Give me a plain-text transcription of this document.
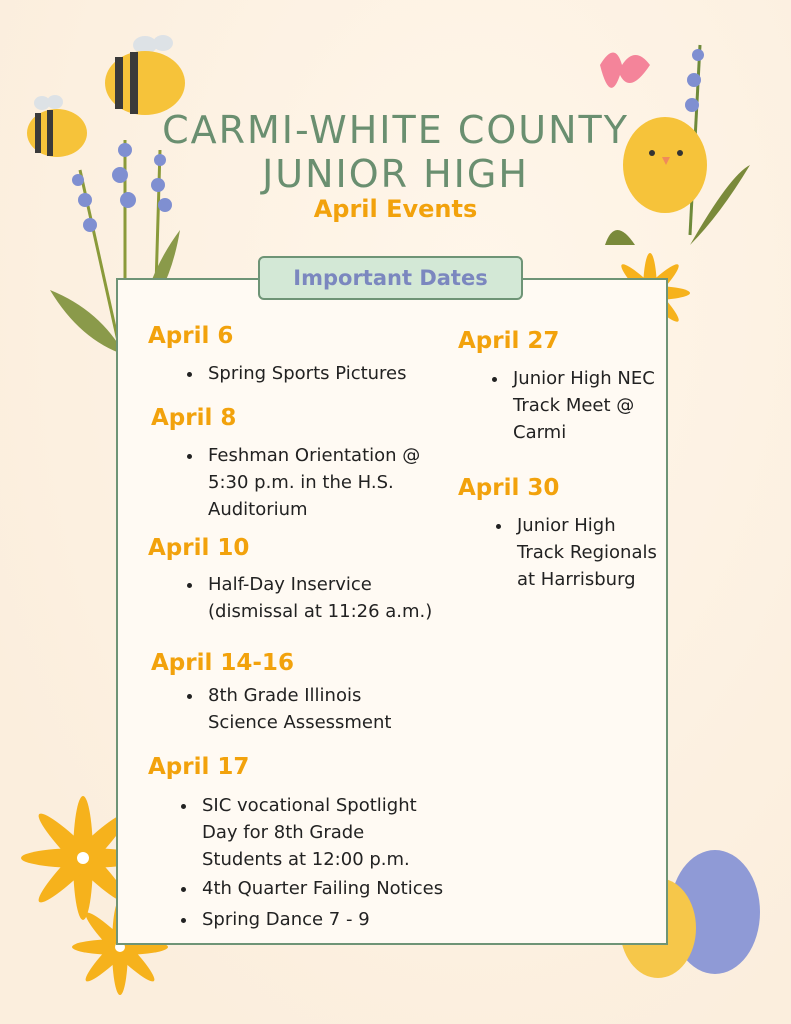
CARMI-WHITE COUNTY
JUNIOR HIGH
April Events
Important Dates
April 6
• Spring Sports Pictures
April 8
• Feshman Orientation @ 5:30 p.m. in the H.S. Auditorium
April 10
• Half-Day Inservice (dismissal at 11:26 a.m.)
April 14-16
• 8th Grade Illinois Science Assessment
April 17
• SIC vocational Spotlight Day for 8th Grade Students at 12:00 p.m.
• 4th Quarter Failing Notices
• Spring Dance 7 - 9
April 27
• Junior High NEC Track Meet @ Carmi
April 30
• Junior High Track Regionals at Harrisburg
